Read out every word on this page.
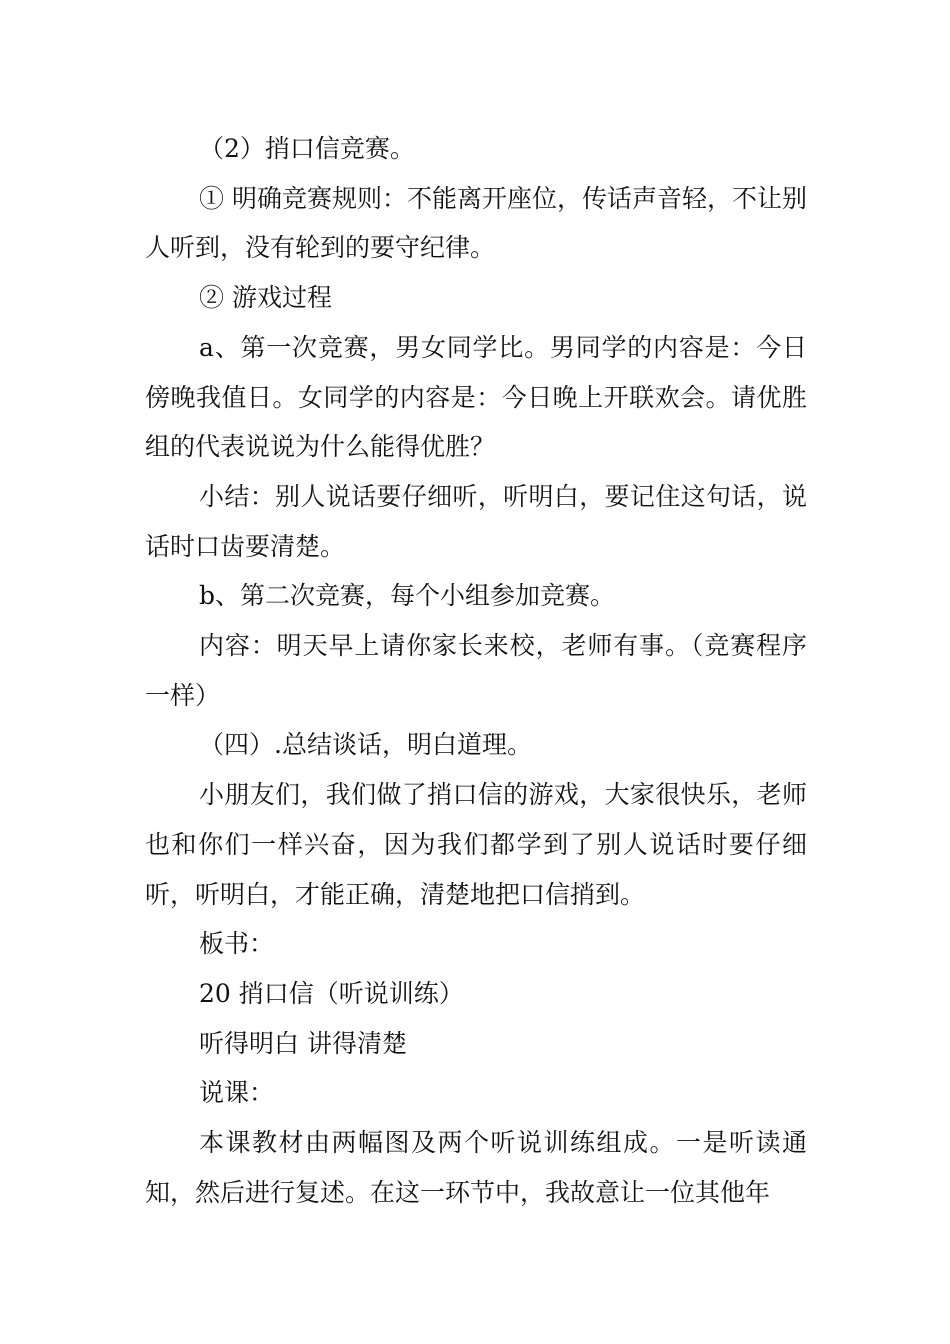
（2）捎口信竞赛。

① 明确竞赛规则：不能离开座位，传话声音轻，不让别人听到，没有轮到的要守纪律。

② 游戏过程

a、第一次竞赛，男女同学比。男同学的内容是：今日傍晚我值日。女同学的内容是：今日晚上开联欢会。请优胜组的代表说说为什么能得优胜？

小结：别人说话要仔细听，听明白，要记住这句话，说话时口齿要清楚。

b、第二次竞赛，每个小组参加竞赛。

内容：明天早上请你家长来校，老师有事。（竞赛程序一样）

（四）.总结谈话，明白道理。

小朋友们，我们做了捎口信的游戏，大家很快乐，老师也和你们一样兴奋，因为我们都学到了别人说话时要仔细听，听明白，才能正确，清楚地把口信捎到。

板书：

20 捎口信（听说训练）

听得明白 讲得清楚

说课：

本课教材由两幅图及两个听说训练组成。一是听读通知，然后进行复述。在这一环节中，我故意让一位其他年
